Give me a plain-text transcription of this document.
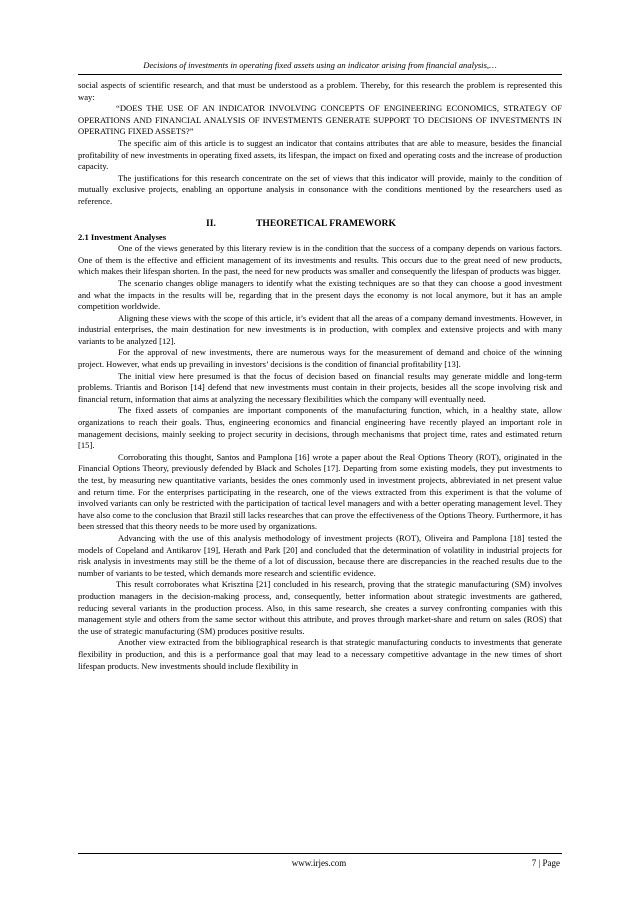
Decisions of investments in operating fixed assets using an indicator arising from financial analysis,…

social aspects of scientific research, and that must be understood as a problem. Thereby, for this research the problem is represented this way:

“DOES THE USE OF AN INDICATOR INVOLVING CONCEPTS OF ENGINEERING ECONOMICS, STRATEGY OF OPERATIONS AND FINANCIAL ANALYSIS OF INVESTMENTS GENERATE SUPPORT TO DECISIONS OF INVESTMENTS IN OPERATING FIXED ASSETS?”

The specific aim of this article is to suggest an indicator that contains attributes that are able to measure, besides the financial profitability of new investments in operating fixed assets, its lifespan, the impact on fixed and operating costs and the increase of production capacity.

The justifications for this research concentrate on the set of views that this indicator will provide, mainly to the condition of mutually exclusive projects, enabling an opportune analysis in consonance with the conditions mentioned by the researchers used as reference.

II.	THEORETICAL FRAMEWORK

2.1 Investment Analyses

One of the views generated by this literary review is in the condition that the success of a company depends on various factors. One of them is the effective and efficient management of its investments and results. This occurs due to the great need of new products, which makes their lifespan shorten. In the past, the need for new products was smaller and consequently the lifespan of products was bigger.

The scenario changes oblige managers to identify what the existing techniques are so that they can choose a good investment and what the impacts in the results will be, regarding that in the present days the economy is not local anymore, but it has an ample competition worldwide.

Aligning these views with the scope of this article, it’s evident that all the areas of a company demand investments. However, in industrial enterprises, the main destination for new investments is in production, with complex and extensive projects and with many variants to be analyzed [12].

For the approval of new investments, there are numerous ways for the measurement of demand and choice of the winning project. However, what ends up prevailing in investors’ decisions is the condition of financial profitability [13].

The initial view here presumed is that the focus of decision based on financial results may generate middle and long-term problems. Triantis and Borison [14] defend that new investments must contain in their projects, besides all the scope involving risk and financial return, information that aims at analyzing the necessary flexibilities which the company will eventually need.

The fixed assets of companies are important components of the manufacturing function, which, in a healthy state, allow organizations to reach their goals. Thus, engineering economics and financial engineering have recently played an important role in management decisions, mainly seeking to project security in decisions, through mechanisms that project time, rates and estimated return [15].

Corroborating this thought, Santos and Pamplona [16] wrote a paper about the Real Options Theory (ROT), originated in the Financial Options Theory, previously defended by Black and Scholes [17]. Departing from some existing models, they put investments to the test, by measuring new quantitative variants, besides the ones commonly used in investment projects, abbreviated in net present value and return time. For the enterprises participating in the research, one of the views extracted from this experiment is that the volume of involved variants can only be restricted with the participation of tactical level managers and with a better operating management level. They have also come to the conclusion that Brazil still lacks researches that can prove the effectiveness of the Options Theory. Furthermore, it has been stressed that this theory needs to be more used by organizations.

Advancing with the use of this analysis methodology of investment projects (ROT), Oliveira and Pamplona [18] tested the models of Copeland and Antikarov [19], Herath and Park [20] and concluded that the determination of volatility in industrial projects for risk analysis in investments may still be the theme of a lot of discussion, because there are discrepancies in the reached results due to the number of variants to be tested, which demands more research and scientific evidence.

This result corroborates what Krisztina [21] concluded in his research, proving that the strategic manufacturing (SM) involves production managers in the decision-making process, and, consequently, better information about strategic investments are gathered, reducing several variants in the production process. Also, in this same research, she creates a survey confronting companies with this management style and others from the same sector without this attribute, and proves through market-share and return on sales (ROS) that the use of strategic manufacturing (SM) produces positive results.

Another view extracted from the bibliographical research is that strategic manufacturing conducts to investments that generate flexibility in production, and this is a performance goal that may lead to a necessary competitive advantage in the new times of short lifespan products. New investments should include flexibility in

www.irjes.com	7 | Page
